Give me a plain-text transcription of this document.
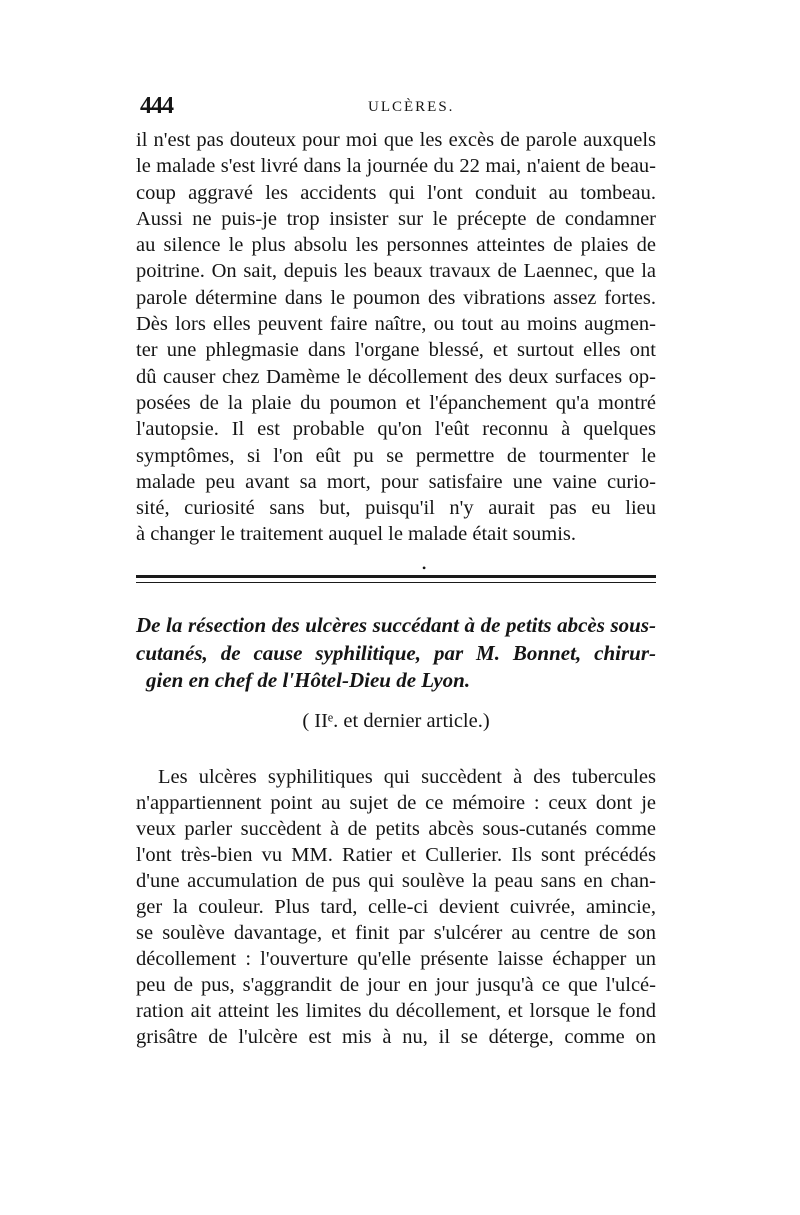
444	ULCÈRES.
il n'est pas douteux pour moi que les excès de parole auxquels
le malade s'est livré dans la journée du 22 mai, n'aient de beau-
coup aggravé les accidents qui l'ont conduit au tombeau.
Aussi ne puis-je trop insister sur le précepte de condamner
au silence le plus absolu les personnes atteintes de plaies de
poitrine. On sait, depuis les beaux travaux de Laennec, que la
parole détermine dans le poumon des vibrations assez fortes.
Dès lors elles peuvent faire naître, ou tout au moins augmen-
ter une phlegmasie dans l'organe blessé, et surtout elles ont
dû causer chez Damème le décollement des deux surfaces op-
posées de la plaie du poumon et l'épanchement qu'a montré
l'autopsie. Il est probable qu'on l'eût reconnu à quelques
symptômes, si l'on eût pu se permettre de tourmenter le
malade peu avant sa mort, pour satisfaire une vaine curio-
sité, curiosité sans but, puisqu'il n'y aurait pas eu lieu
à changer le traitement auquel le malade était soumis.
•
De la résection des ulcères succédant à de petits abcès sous-
cutanés, de cause syphilitique, par M. Bonnet, chirur-
gien en chef de l'Hôtel-Dieu de Lyon.
( IIᵉ. et dernier article.)
Les ulcères syphilitiques qui succèdent à des tubercules
n'appartiennent point au sujet de ce mémoire : ceux dont je
veux parler succèdent à de petits abcès sous-cutanés comme
l'ont très-bien vu MM. Ratier et Cullerier. Ils sont précédés
d'une accumulation de pus qui soulève la peau sans en chan-
ger la couleur. Plus tard, celle-ci devient cuivrée, amincie,
se soulève davantage, et finit par s'ulcérer au centre de son
décollement : l'ouverture qu'elle présente laisse échapper un
peu de pus, s'aggrandit de jour en jour jusqu'à ce que l'ulcé-
ration ait atteint les limites du décollement, et lorsque le fond
grisâtre de l'ulcère est mis à nu, il se déterge, comme on
